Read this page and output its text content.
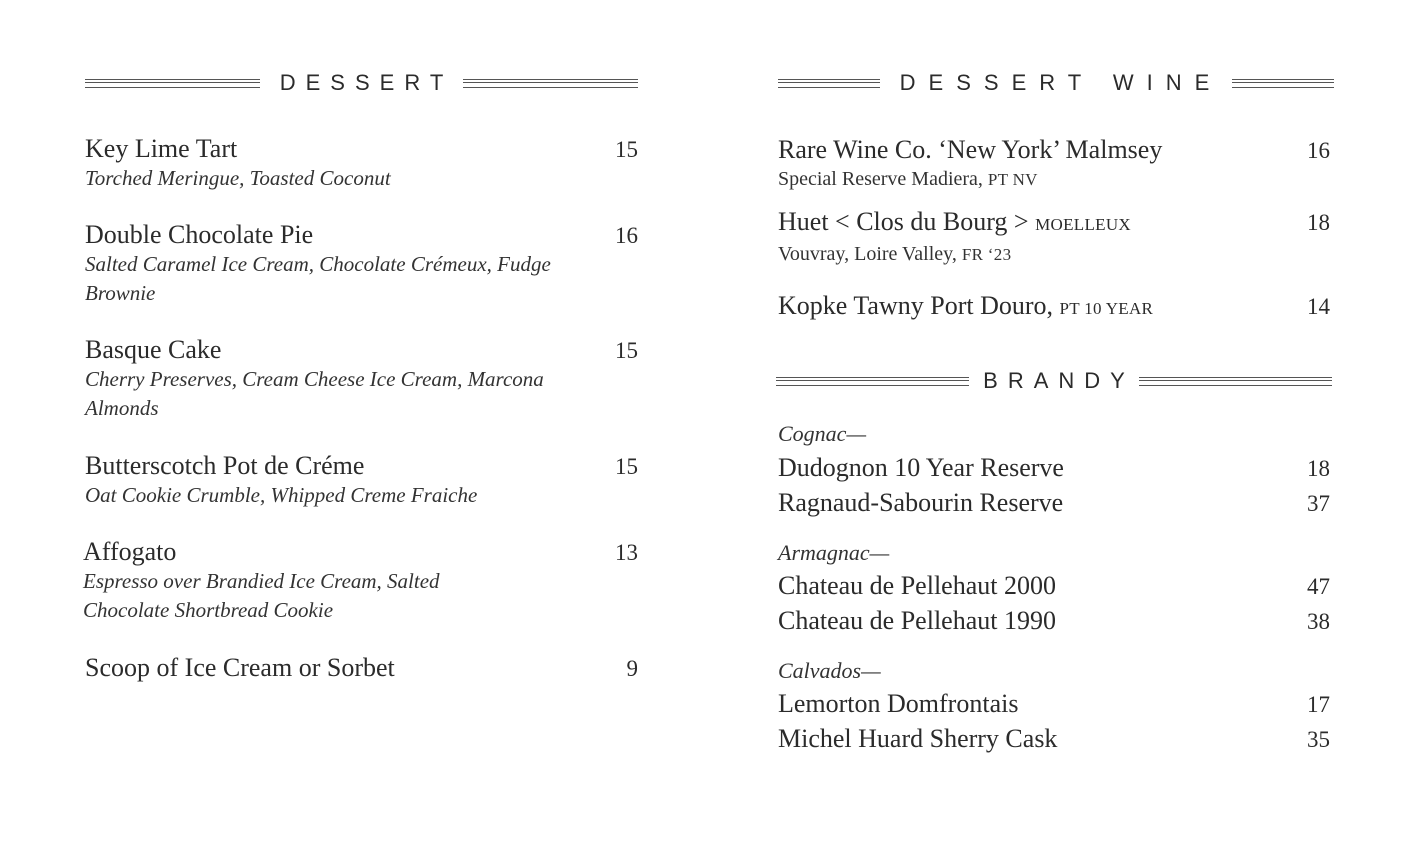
DESSERT
Key Lime Tart
Torched Meringue, Toasted Coconut
15
Double Chocolate Pie
Salted Caramel Ice Cream, Chocolate Crémeux, Fudge Brownie
16
Basque Cake
Cherry Preserves, Cream Cheese Ice Cream, Marcona Almonds
15
Butterscotch Pot de Créme
Oat Cookie Crumble, Whipped Creme Fraiche
15
Affogato
Espresso over Brandied Ice Cream, Salted Chocolate Shortbread Cookie
13
Scoop of Ice Cream or Sorbet	9
DESSERT WINE
Rare Wine Co. ‘New York’ Malmsey
Special Reserve Madiera, PT NV
16
Huet < Clos du Bourg > MOELLEUX
Vouvray, Loire Valley, FR ‘23
18
Kopke Tawny Port Douro, PT 10 YEAR	14
BRANDY
Cognac—
Dudognon 10 Year Reserve	18
Ragnaud-Sabourin Reserve	37
Armagnac—
Chateau de Pellehaut 2000	47
Chateau de Pellehaut 1990	38
Calvados—
Lemorton Domfrontais	17
Michel Huard Sherry Cask	35
